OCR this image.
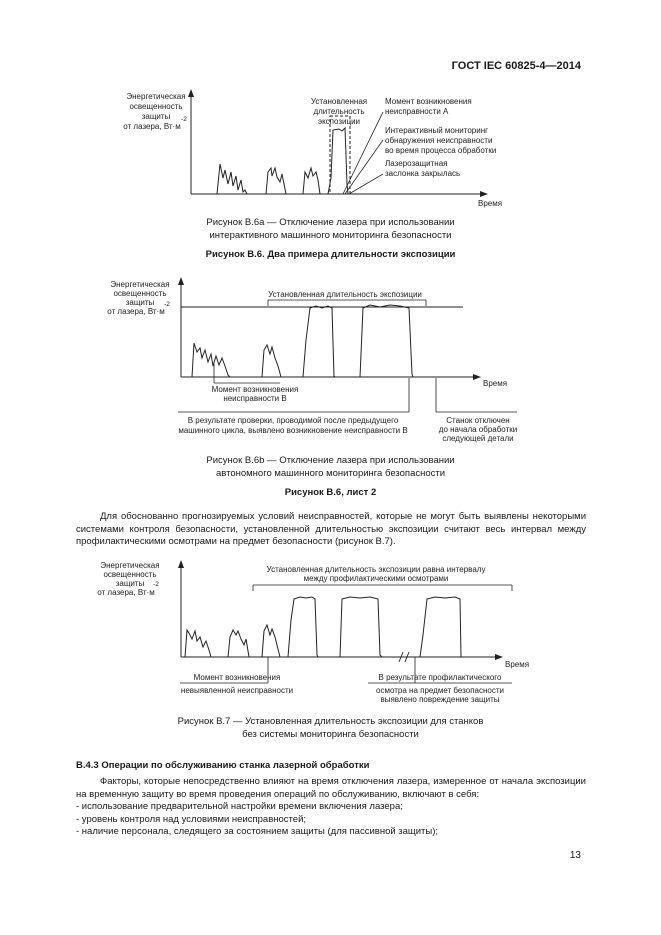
ГОСТ IEC 60825-4—2014
Энергетическая
освещенность
защиты
от лазера, Вт·м
-2
Время
Установленная
длительность
экспозиции
Момент возникновения
неисправности A
Интерактивный мониторинг
обнаружения неисправности
во время процесса обработки
Лазерозащитная
заслонка закрылась
Рисунок В.6а — Отключение лазера при использовании
интерактивного машинного мониторинга безопасности
Рисунок В.6. Два примера длительности экспозиции
Энергетическая
освещенность
защиты
от лазера, Вт·м
-2
Время
Установленная длительность экспозиции
Момент возникновения
неисправности В
В результате проверки, проводимой после предыдущего
машинного цикла, выявлено возникновение неисправности В
Станок отключен
до начала обработки
следующей детали
Рисунок В.6b — Отключение лазера при использовании
автономного машинного мониторинга безопасности
Рисунок В.6, лист 2
Для обоснованно прогнозируемых условий неисправностей, которые не могут быть выявлены некоторыми системами контроля безопасности, установленной длительностью экспозиции считают весь интервал между профилактическими осмотрами на предмет безопасности (рисунок В.7).
Энергетическая
освещенность
защиты
от лазера, Вт·м
-2
Время
Установленная длительность экспозиции равна интервалу
между профилактическими осмотрами
Момент возникновения
невыявленной неисправности
В результате профилактического
осмотра на предмет безопасности
выявлено повреждение защиты
Рисунок В.7 — Установленная длительность экспозиции для станков
без системы мониторинга безопасности
В.4.3 Операции по обслуживанию станка лазерной обработки
Факторы, которые непосредственно влияют на время отключения лазера, измеренное от начала экспозиции на временную защиту во время проведения операций по обслуживанию, включают в себя:
- использование предварительной настройки времени включения лазера;
- уровень контроля над условиями неисправностей;
- наличие персонала, следящего за состоянием защиты (для пассивной защиты);
13
